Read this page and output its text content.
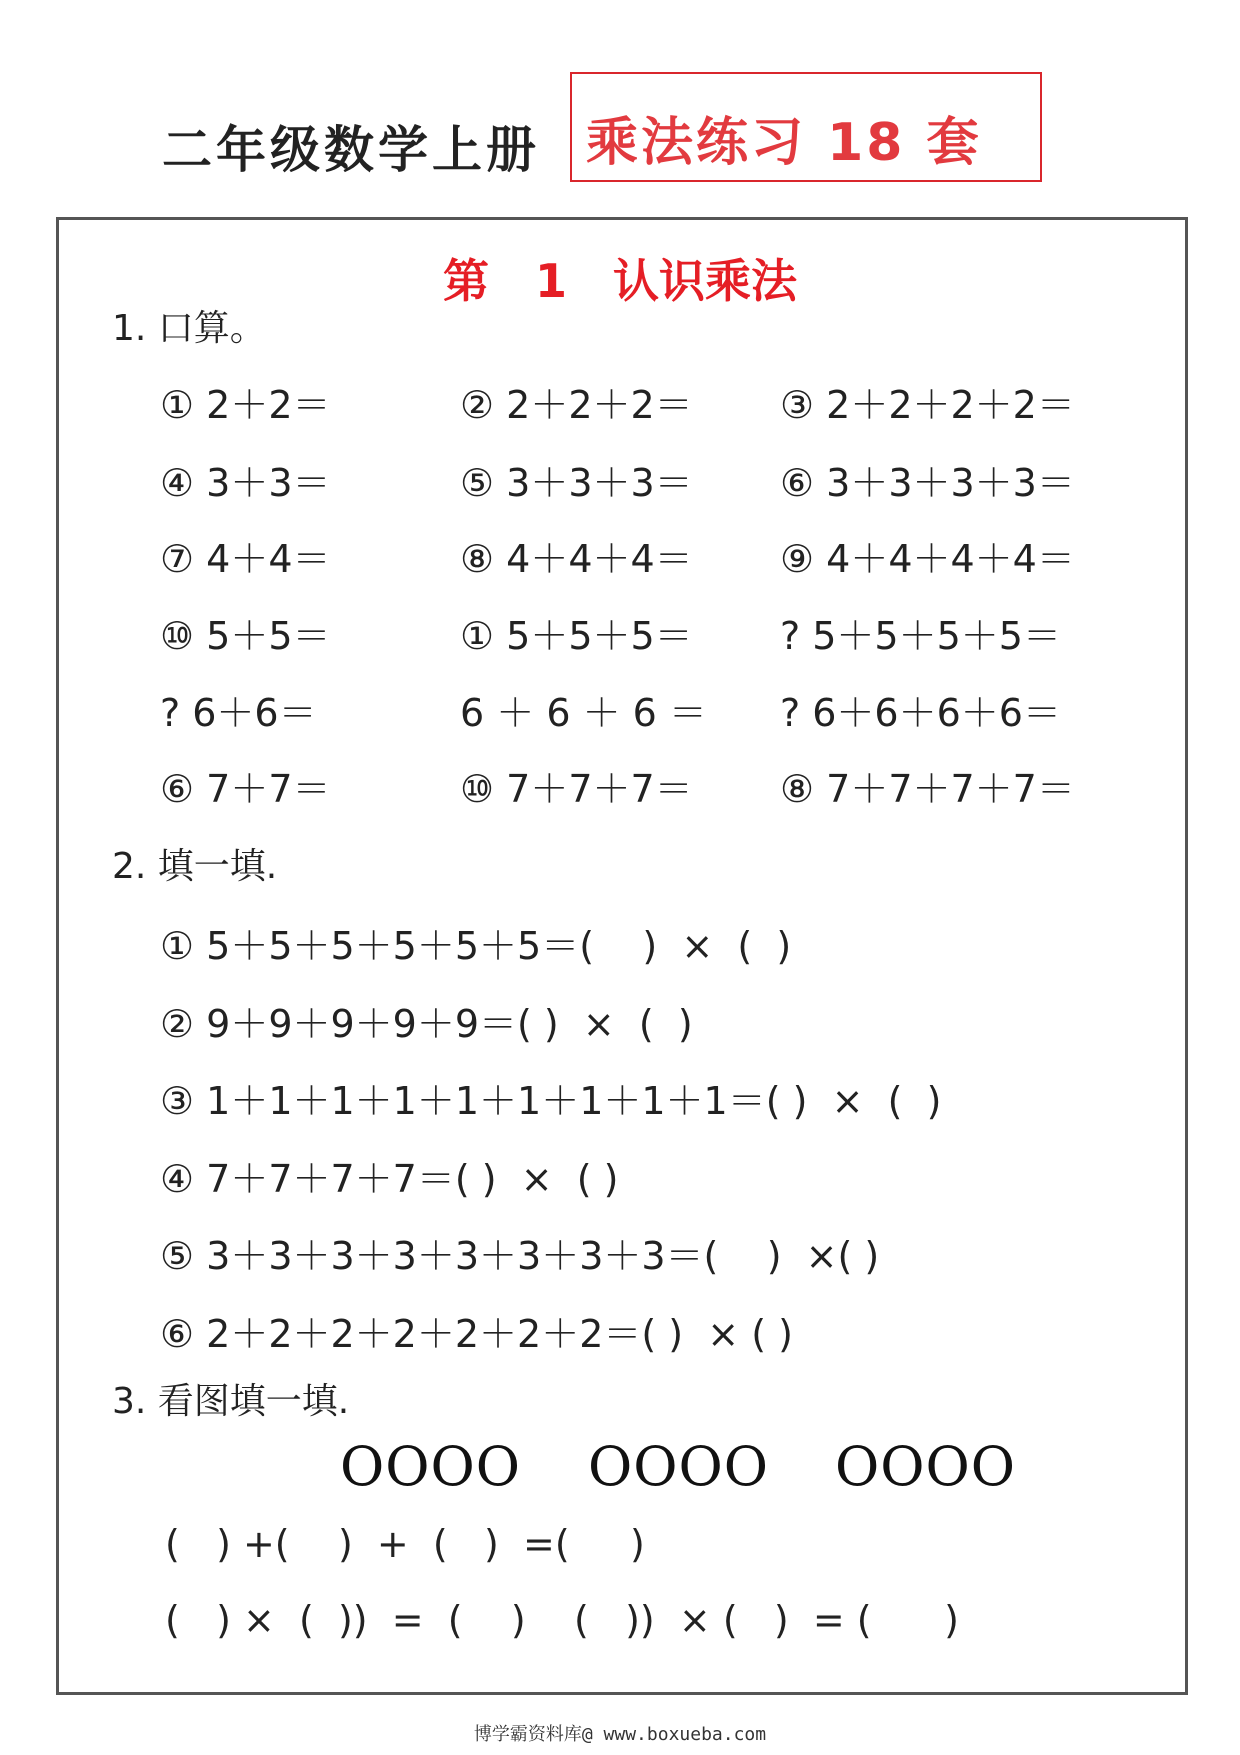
二年级数学上册 乘法练习 18 套
第 1 认识乘法
1. 口算。
① 2＋2＝	② 2＋2＋2＝ ③ 2＋2＋2＋2＝
④ 3＋3＝	⑤ 3＋3＋3＝ ⑥ 3＋3＋3＋3＝
⑦ 4＋4＝	⑧ 4＋4＋4＝ ⑨ 4＋4＋4＋4＝
⑩ 5＋5＝	① 5＋5＋5＝ ? 5＋5＋5＋5＝
? 6＋6＝	6 ＋ 6 ＋ 6 ＝ ? 6＋6＋6＋6＝
⑥ 7＋7＝	⑩ 7＋7＋7＝ ⑧ 7＋7＋7＋7＝
2. 填一填.
① 5＋5＋5＋5＋5＋5＝(    )  ×  (  )
② 9＋9＋9＋9＋9＝( )  ×  (  )
③ 1＋1＋1＋1＋1＋1＋1＋1＋1＝( )  ×  (  )
④ 7＋7＋7＋7＝( )  ×  ( )
⑤ 3＋3＋3＋3＋3＋3＋3＋3＝(    )  ×( )
⑥ 2＋2＋2＋2＋2＋2＋2＝( )  × ( )
3. 看图填一填.
OOOO OOOO OOOO
(   ) +(    )  +  (   )  =(     )
(   ) ×  (  ))  =  (    )    (   ))  × (   )  = (      )
博学霸资料库@ www.boxueba.com
